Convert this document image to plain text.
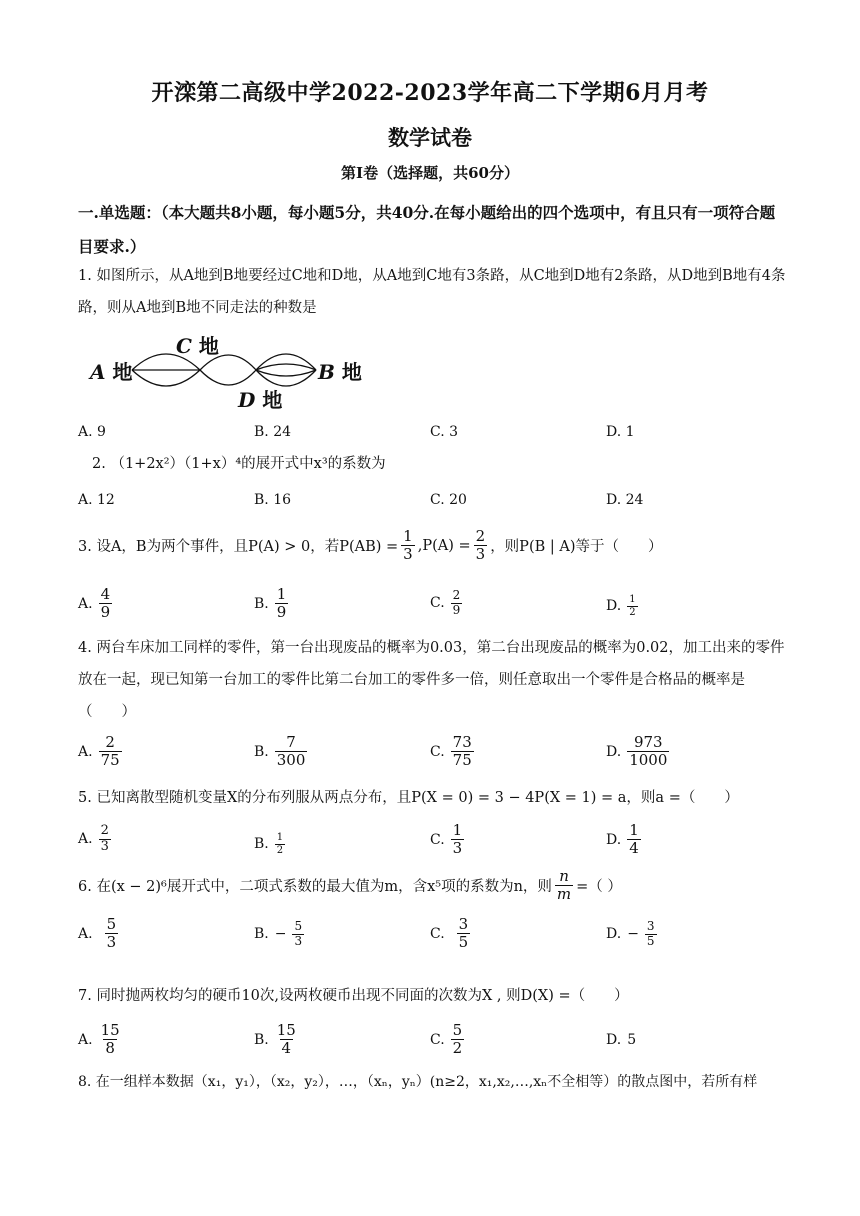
开滦第二高级中学2022-2023学年高二下学期6月月考
数学试卷
第Ⅰ卷（选择题，共60分）
一.单选题：（本大题共8小题，每小题5分，共40分.在每小题给出的四个选项中，有且只有一项符合题目要求.）
1. 如图所示，从A地到B地要经过C地和D地，从A地到C地有3条路，从C地到D地有2条路，从D地到B地有4条路，则从A地到B地不同走法的种数是
A 地
C 地
D 地
B 地
A. 9	B. 24	C. 3	D. 1
2. （1+2x²）（1+x）⁴的展开式中x³的系数为
A. 12	B. 16	C. 20	D. 24
3. 设A，B为两个事件，且P(A) > 0，若$P(AB) = \frac{1}{3} ,P(A) = \frac{2}{3}$ ，则P(B | A)等于（　　）
A. $\frac{4}{9}$	B. $\frac{1}{9}$	C. $\frac{2}{9}$	D. $\frac{1}{2}$
4. 两台车床加工同样的零件，第一台出现废品的概率为0.03，第二台出现废品的概率为0.02，加工出来的零件放在一起，现已知第一台加工的零件比第二台加工的零件多一倍，则任意取出一个零件是合格品的概率是（　　）
A. $\frac{2}{75}$	B. $\frac{7}{300}$	C. $\frac{73}{75}$	D. $\frac{973}{1000}$
5. 已知离散型随机变量X的分布列服从两点分布，且P(X = 0) = 3 − 4P(X = 1) = a，则a =（　　）
A. $\frac{2}{3}$	B. $\frac{1}{2}$	C. $\frac{1}{3}$	D. $\frac{1}{4}$
6. 在(x − 2)⁶展开式中，二项式系数的最大值为m，含x⁵项的系数为n，则 $\frac{n}{m}$ =（ ）
A. $\frac{5}{3}$	B. − $\frac{5}{3}$	C. $\frac{3}{5}$	D. − $\frac{3}{5}$
7. 同时抛两枚均匀的硬币10次,设两枚硬币出现不同面的次数为X , 则D(X) =（　　）
A. $\frac{15}{8}$	B. $\frac{15}{4}$	C. $\frac{5}{2}$	D. 5
8. 在一组样本数据（x₁，y₁），（x₂，y₂），…，（xₙ，yₙ）(n≥2，x₁,x₂,…,xₙ不全相等）的散点图中，若所有样
